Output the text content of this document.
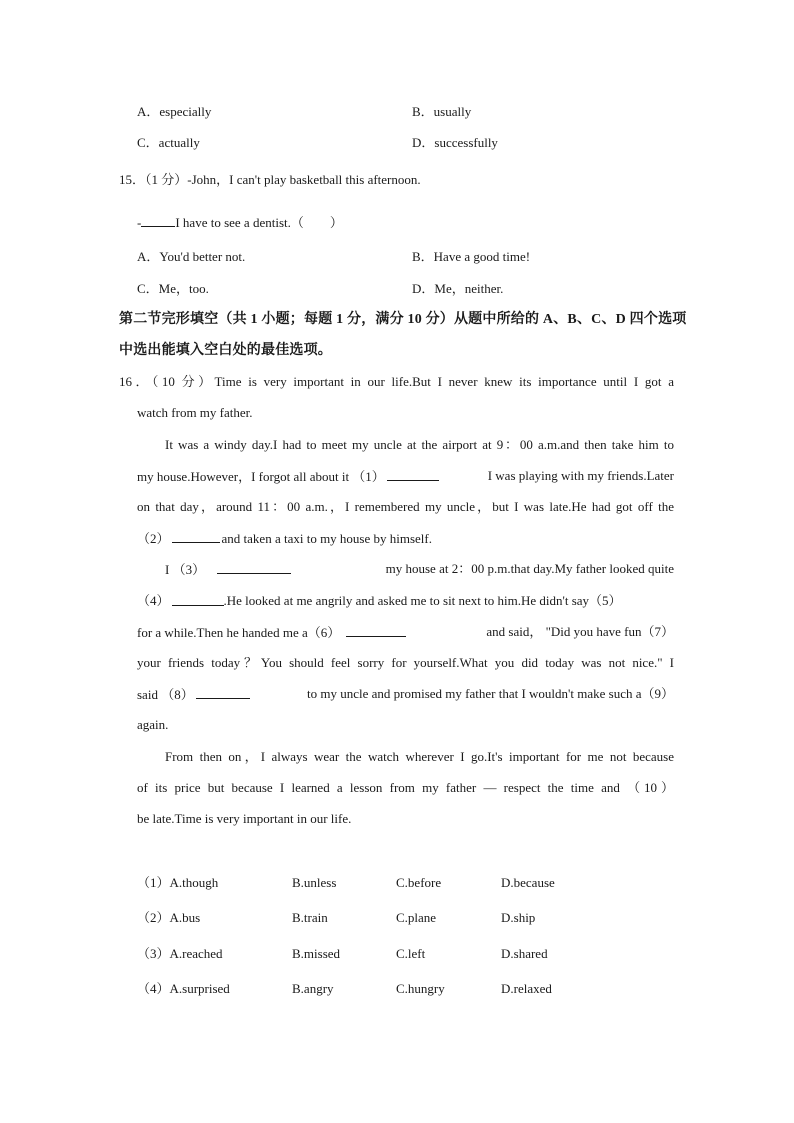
A．especially	B．usually
C．actually	D．successfully
15．（1 分）-John，I can't play basketball this afternoon.
-	I have to see a dentist.（　　）
A．You'd better not.	B．Have a good time!
C．Me，too.	D．Me，neither.
第二节完形填空（共 1 小题；每题 1 分，满分 10 分）从题中所给的 A、B、C、D 四个选项
中选出能填入空白处的最佳选项。
16．（10 分）Time is very important in our life.But I never knew its importance until I got a
watch from my father.
It was a windy day.I had to meet my uncle at the airport at 9：00 a.m.and then take him to
my house.However，I forgot all about it （1）	I was playing with my friends.Later
on that day，around 11：00 a.m.，I remembered my uncle，but I was late.He had got off the
（2）	and taken a taxi to my house by himself.
I （3）	my house at 2：00 p.m.that day.My father looked quite
（4）	.He looked at me angrily and asked me to sit next to him.He didn't say（5）
for a while.Then he handed me a（6）	and said， "Did you have fun（7）
your friends today？You should feel sorry for yourself.What you did today was not nice." I
said （8）	to my uncle and promised my father that I wouldn't make such a（9）
again.
From then on，I always wear the watch wherever I go.It's important for me not because
of its price but because I learned a lesson from my father — respect the time and （10）
be late.Time is very important in our life.
（1）A.though	B.unless	C.before	D.because
（2）A.bus	B.train	C.plane	D.ship
（3）A.reached	B.missed	C.left	D.shared
（4）A.surprised	B.angry	C.hungry	D.relaxed
